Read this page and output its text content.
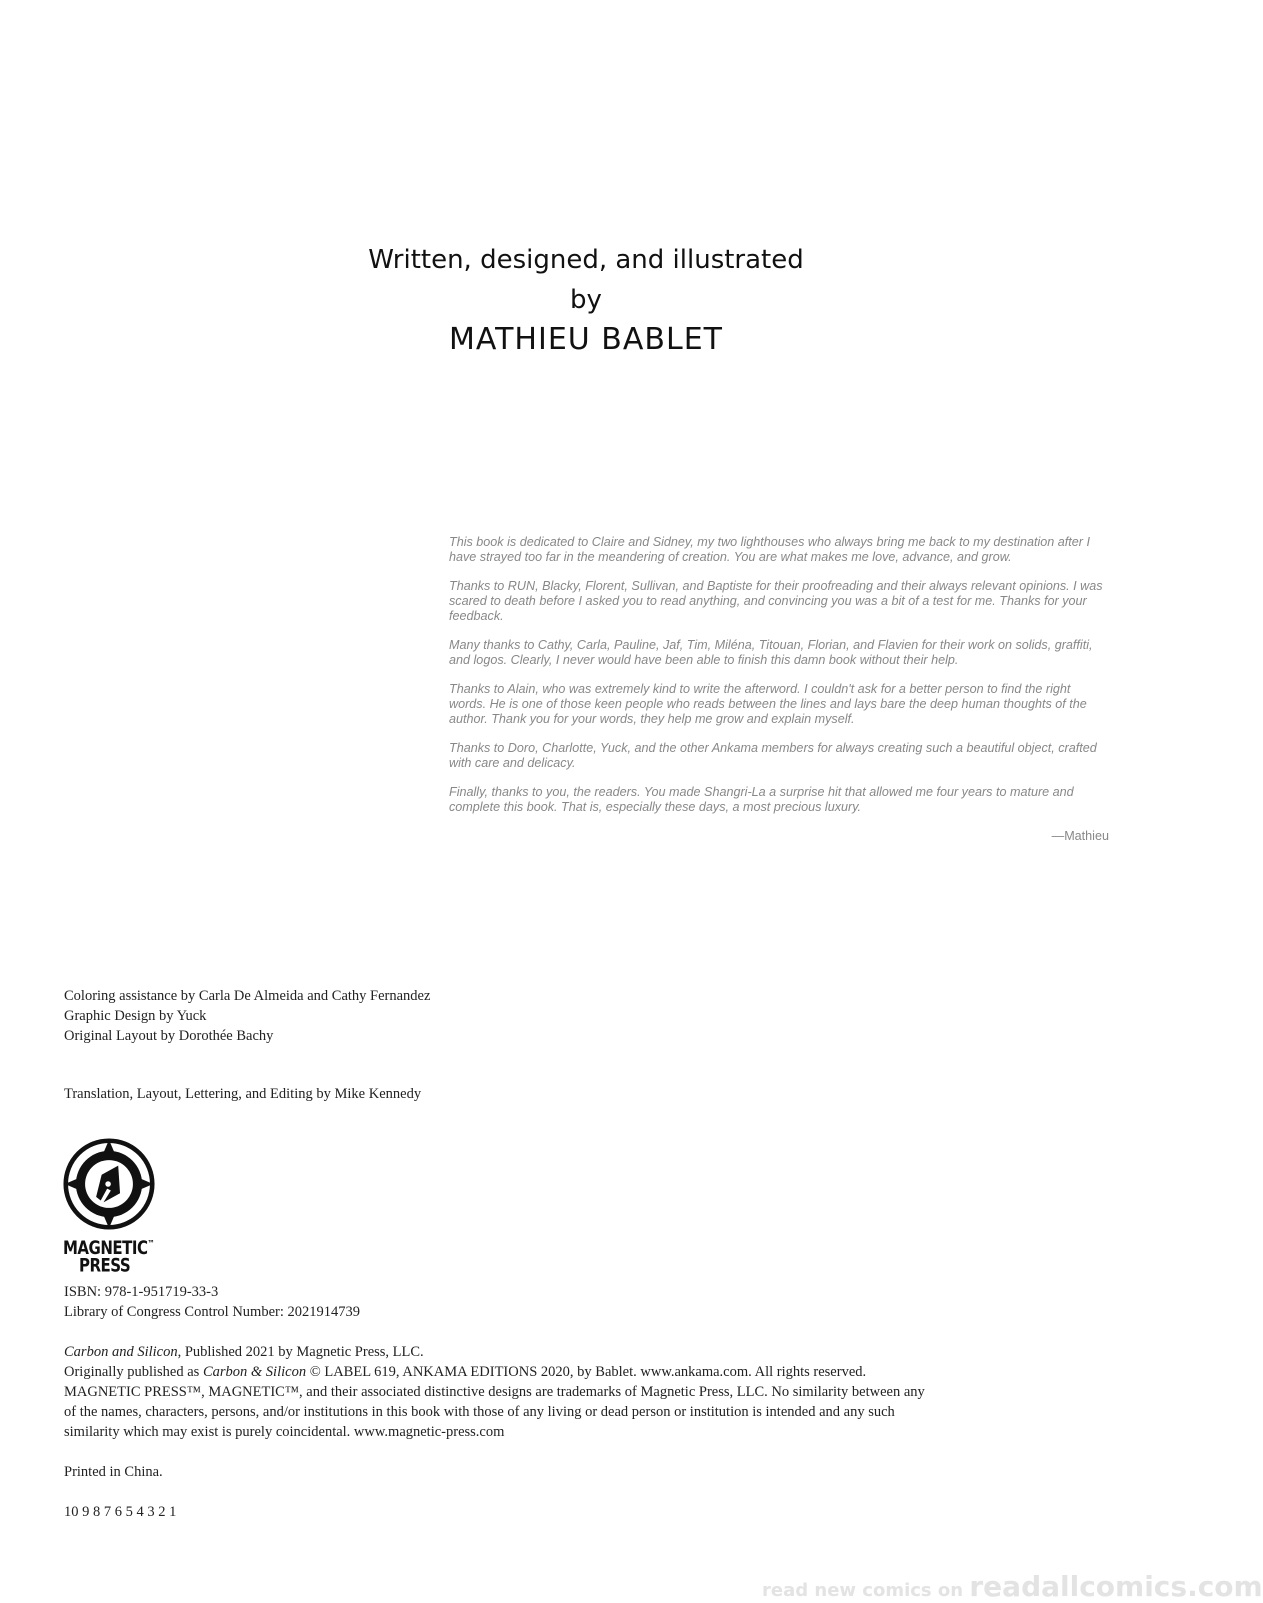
Written, designed, and illustrated
by
MATHIEU BABLET

This book is dedicated to Claire and Sidney, my two lighthouses who always bring me back to my destination after I have strayed too far in the meandering of creation. You are what makes me love, advance, and grow.

Thanks to RUN, Blacky, Florent, Sullivan, and Baptiste for their proofreading and their always relevant opinions. I was scared to death before I asked you to read anything, and convincing you was a bit of a test for me. Thanks for your feedback.

Many thanks to Cathy, Carla, Pauline, Jaf, Tim, Miléna, Titouan, Florian, and Flavien for their work on solids, graffiti, and logos. Clearly, I never would have been able to finish this damn book without their help.

Thanks to Alain, who was extremely kind to write the afterword. I couldn't ask for a better person to find the right words. He is one of those keen people who reads between the lines and lays bare the deep human thoughts of the author. Thank you for your words, they help me grow and explain myself.

Thanks to Doro, Charlotte, Yuck, and the other Ankama members for always creating such a beautiful object, crafted with care and delicacy.

Finally, thanks to you, the readers. You made Shangri-La a surprise hit that allowed me four years to mature and complete this book. That is, especially these days, a most precious luxury.

—Mathieu
Coloring assistance by Carla De Almeida and Cathy Fernandez
Graphic Design by Yuck
Original Layout by Dorothée Bachy
Translation, Layout, Lettering, and Editing by Mike Kennedy
MAGNETIC™
PRESS

ISBN: 978-1-951719-33-3

Library of Congress Control Number: 2021914739

Carbon and Silicon, Published 2021 by Magnetic Press, LLC.

Originally published as Carbon & Silicon © LABEL 619, ANKAMA EDITIONS 2020, by Bablet. www.ankama.com. All rights reserved.

MAGNETIC PRESS™, MAGNETIC™, and their associated distinctive designs are trademarks of Magnetic Press, LLC. No similarity between any of the names, characters, persons, and/or institutions in this book with those of any living or dead person or institution is intended and any such similarity which may exist is purely coincidental. www.magnetic-press.com

Printed in China.

10 9 8 7 6 5 4 3 2 1

read new comics on readallcomics.com
